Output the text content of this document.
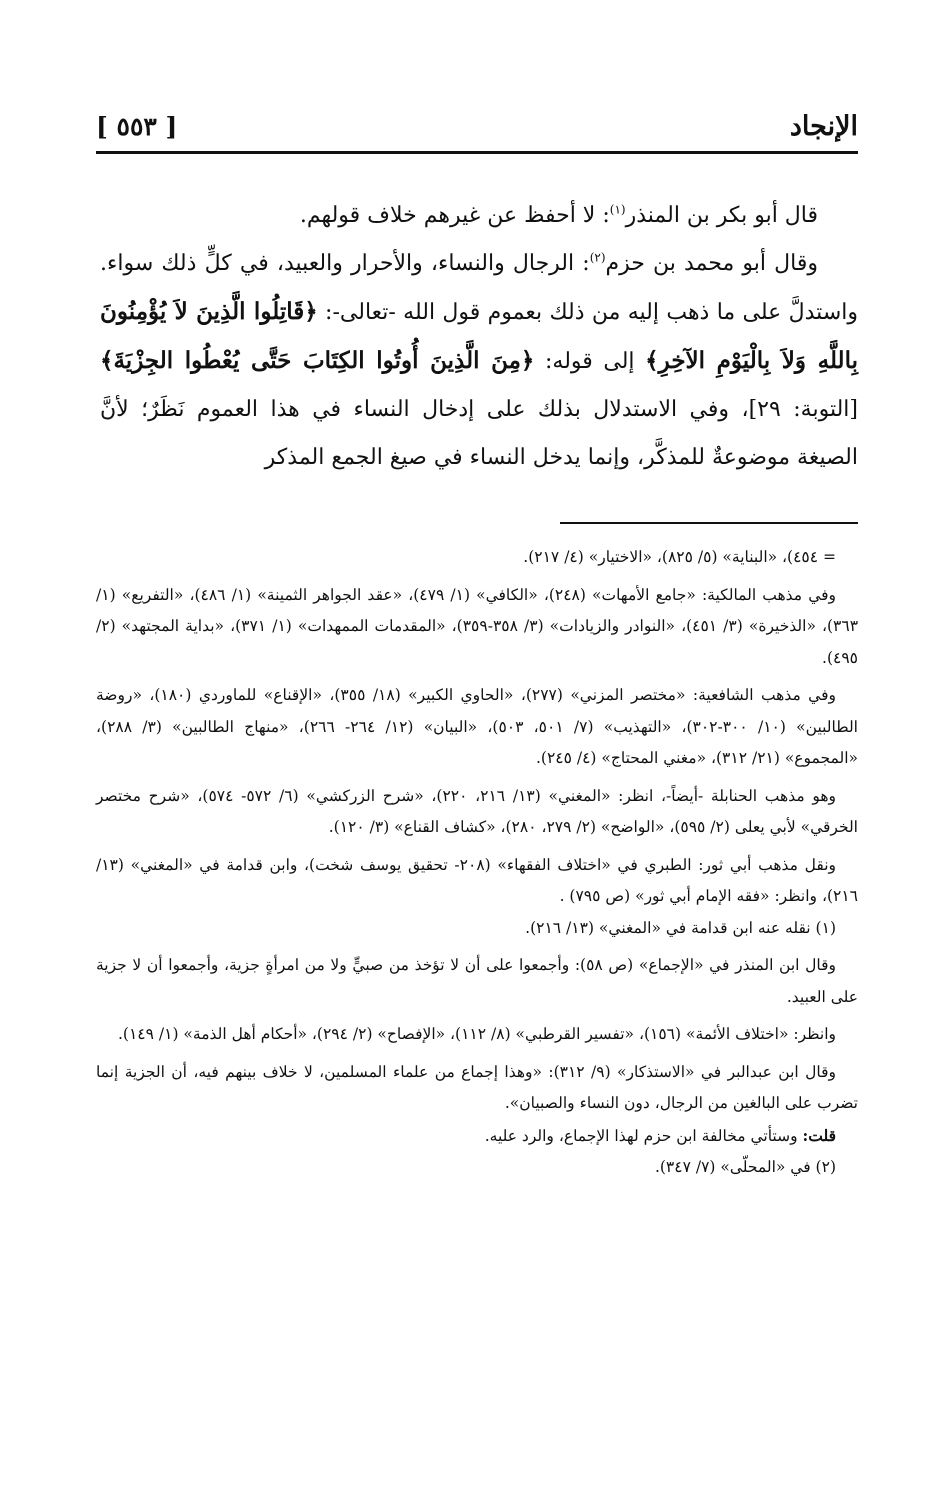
الإنجاد
[ ٥٥٣ ]

قال أبو بكر بن المنذر$^{(١)}$: لا أحفظ عن غيرهم خلاف قولهم.

وقال أبو محمد بن حزم$^{(٢)}$: الرجال والنساء، والأحرار والعبيد، في كلٍّ ذلك سواء. واستدلَّ على ما ذهب إليه من ذلك بعموم قول الله -تعالى-: ﴿قَاتِلُوا الَّذِينَ لاَ يُؤْمِنُونَ بِاللَّهِ وَلاَ بِالْيَوْمِ الآخِرِ﴾ إلى قوله: ﴿مِنَ الَّذِينَ أُوتُوا الكِتَابَ حَتَّى يُعْطُوا الجِزْيَةَ﴾ [التوبة: ٢٩]، وفي الاستدلال بذلك على إدخال النساء في هذا العموم نَظَرٌ؛ لأنَّ الصيغة موضوعةٌ للمذكَّر، وإنما يدخل النساء في صيغ الجمع المذكر

= ٤٥٤)، «البناية» (٥/ ٨٢٥)، «الاختيار» (٤/ ٢١٧).

وفي مذهب المالكية: «جامع الأمهات» (٢٤٨)، «الكافي» (١/ ٤٧٩)، «عقد الجواهر الثمينة» (١/ ٤٨٦)، «التفريع» (١/ ٣٦٣)، «الذخيرة» (٣/ ٤٥١)، «النوادر والزيادات» (٣/ ٣٥٨-٣٥٩)، «المقدمات الممهدات» (١/ ٣٧١)، «بداية المجتهد» (٢/ ٤٩٥).

وفي مذهب الشافعية: «مختصر المزني» (٢٧٧)، «الحاوي الكبير» (١٨/ ٣٥٥)، «الإقناع» للماوردي (١٨٠)، «روضة الطالبين» (١٠/ ٣٠٠-٣٠٢)، «التهذيب» (٧/ ٥٠١، ٥٠٣)، «البيان» (١٢/ ٢٦٤- ٢٦٦)، «منهاج الطالبين» (٣/ ٢٨٨)، «المجموع» (٢١/ ٣١٢)، «مغني المحتاج» (٤/ ٢٤٥).

وهو مذهب الحنابلة -أيضاً-، انظر: «المغني» (١٣/ ٢١٦، ٢٢٠)، «شرح الزركشي» (٦/ ٥٧٢- ٥٧٤)، «شرح مختصر الخرقي» لأبي يعلى (٢/ ٥٩٥)، «الواضح» (٢/ ٢٧٩، ٢٨٠)، «كشاف القناع» (٣/ ١٢٠).

ونقل مذهب أبي ثور: الطبري في «اختلاف الفقهاء» (٢٠٨- تحقيق يوسف شخت)، وابن قدامة في «المغني» (١٣/ ٢١٦)، وانظر: «فقه الإمام أبي ثور» (ص ٧٩٥) .

(١) نقله عنه ابن قدامة في «المغني» (١٣/ ٢١٦).

وقال ابن المنذر في «الإجماع» (ص ٥٨): وأجمعوا على أن لا تؤخذ من صبيٍّ ولا من امرأةٍ جزية، وأجمعوا أن لا جزية على العبيد.

وانظر: «اختلاف الأئمة» (١٥٦)، «تفسير القرطبي» (٨/ ١١٢)، «الإفصاح» (٢/ ٢٩٤)، «أحكام أهل الذمة» (١/ ١٤٩).

وقال ابن عبدالبر في «الاستذكار» (٩/ ٣١٢): «وهذا إجماع من علماء المسلمين، لا خلاف بينهم فيه، أن الجزية إنما تضرب على البالغين من الرجال، دون النساء والصبيان».

قلت: وستأتي مخالفة ابن حزم لهذا الإجماع، والرد عليه.

(٢) في «المحلّى» (٧/ ٣٤٧).
